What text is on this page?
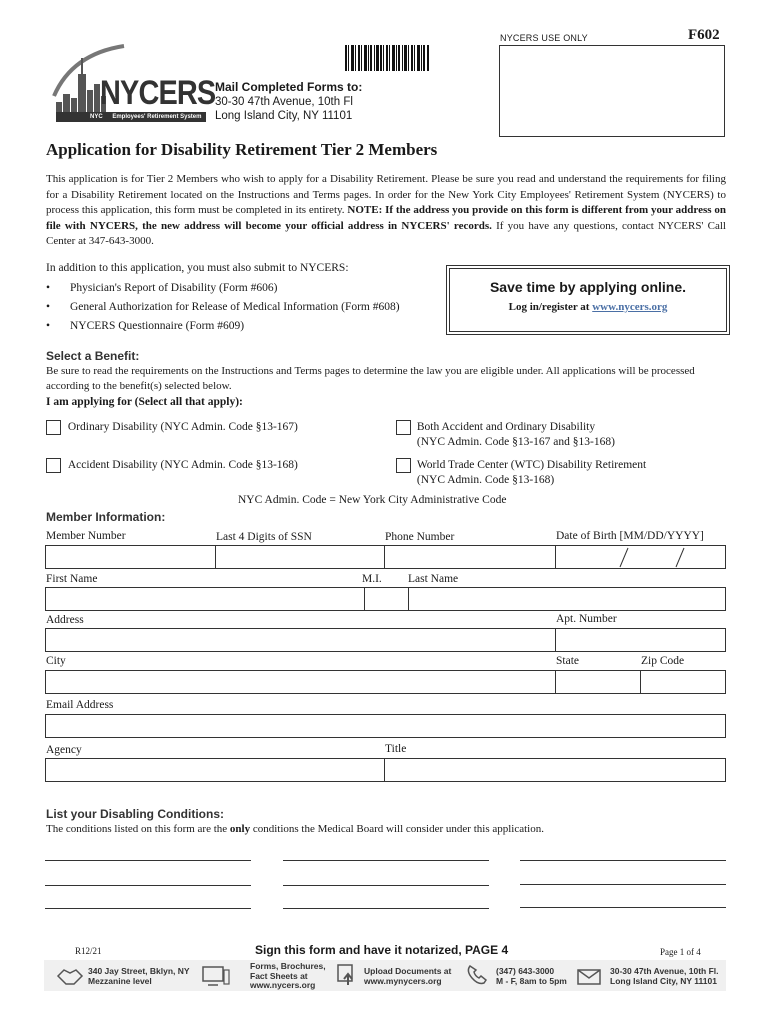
NYCERS USE ONLY	F602
NYCERS
NYC Employees' Retirement System
Mail Completed Forms to:
30-30 47th Avenue, 10th Fl
Long Island City, NY 11101
Application for Disability Retirement Tier 2 Members
This application is for Tier 2 Members who wish to apply for a Disability Retirement. Please be sure you read and understand the requirements for filing for a Disability Retirement located on the Instructions and Terms pages. In order for the New York City Employees' Retirement System (NYCERS) to process this application, this form must be completed in its entirety. NOTE: If the address you provide on this form is different from your address on file with NYCERS, the new address will become your official address in NYCERS' records. If you have any questions, contact NYCERS' Call Center at 347-643-3000.
In addition to this application, you must also submit to NYCERS:
• Physician's Report of Disability (Form #606)
• General Authorization for Release of Medical Information (Form #608)
• NYCERS Questionnaire (Form #609)
Save time by applying online.
Log in/register at www.nycers.org
Select a Benefit:
Be sure to read the requirements on the Instructions and Terms pages to determine the law you are eligible under. All applications will be processed according to the benefit(s) selected below.
I am applying for (Select all that apply):
Ordinary Disability (NYC Admin. Code §13-167)
	Both Accident and Ordinary Disability
(NYC Admin. Code §13-167 and §13-168)
Accident Disability (NYC Admin. Code §13-168)
	World Trade Center (WTC) Disability Retirement
(NYC Admin. Code §13-168)
NYC Admin. Code = New York City Administrative Code
Member Information:
Member Number	Last 4 Digits of SSN	Phone Number	Date of Birth [MM/DD/YYYY]
First Name	M.I. Last Name
Address	Apt. Number
City	State	Zip Code
Email Address
Agency	Title
List your Disabling Conditions:
The conditions listed on this form are the only conditions the Medical Board will consider under this application.
R12/21	Sign this form and have it notarized, PAGE 4	Page 1 of 4
340 Jay Street, Bklyn, NY
Mezzanine level
Forms, Brochures,
Fact Sheets at
www.nycers.org
Upload Documents at
www.mynycers.org
(347) 643-3000
M - F, 8am to 5pm
30-30 47th Avenue, 10th Fl.
Long Island City, NY 11101
